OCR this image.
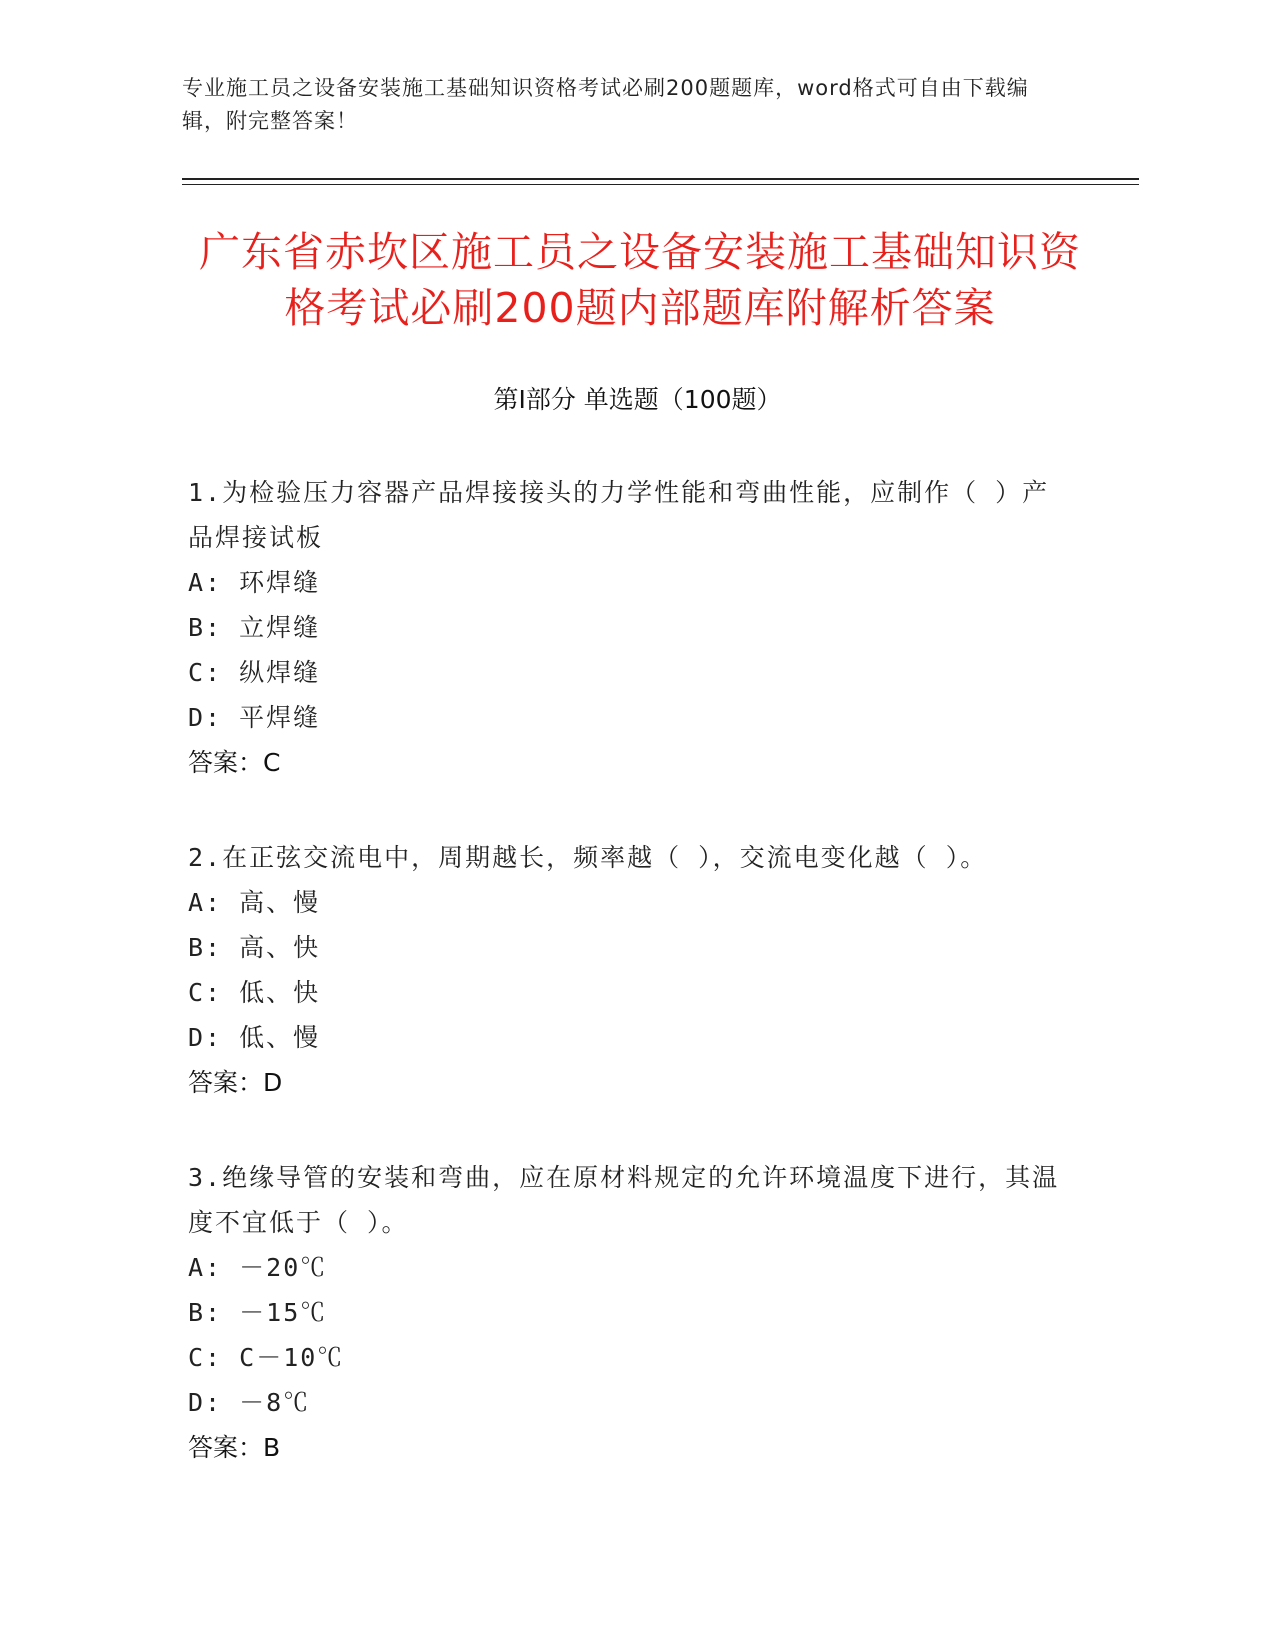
专业施工员之设备安装施工基础知识资格考试必刷200题题库，word格式可自由下载编辑，附完整答案！
广东省赤坎区施工员之设备安装施工基础知识资格考试必刷200题内部题库附解析答案
第Ⅰ部分 单选题（100题）
1.为检验压力容器产品焊接接头的力学性能和弯曲性能，应制作（ ）产品焊接试板
A: 环焊缝
B: 立焊缝
C: 纵焊缝
D: 平焊缝
答案：C
2.在正弦交流电中，周期越长，频率越（ ），交流电变化越（ ）。
A: 高、慢
B: 高、快
C: 低、快
D: 低、慢
答案：D
3.绝缘导管的安装和弯曲，应在原材料规定的允许环境温度下进行，其温度不宜低于（ ）。
A: －20℃
B: －15℃
C: C－10℃
D: －8℃
答案：B
